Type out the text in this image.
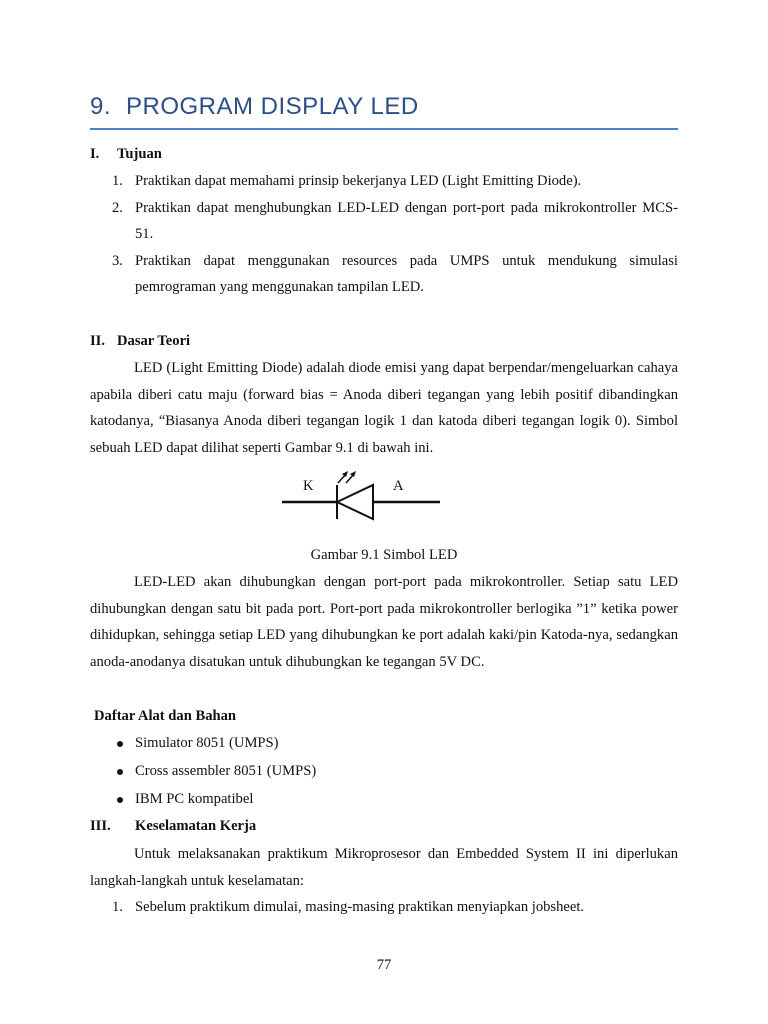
9. PROGRAM DISPLAY LED
I. Tujuan
1. Praktikan dapat memahami prinsip bekerjanya LED (Light Emitting Diode).
2. Praktikan dapat menghubungkan LED-LED dengan port-port pada mikrokontroller MCS-51.
3. Praktikan dapat menggunakan resources pada UMPS untuk mendukung simulasi pemrograman yang menggunakan tampilan LED.
II. Dasar Teori

LED (Light Emitting Diode) adalah diode emisi yang dapat berpendar/mengeluarkan cahaya apabila diberi catu maju (forward bias = Anoda diberi tegangan yang lebih positif dibandingkan katodanya, “Biasanya Anoda diberi tegangan logik 1 dan katoda diberi tegangan logik 0). Simbol sebuah LED dapat dilihat seperti Gambar 9.1 di bawah ini.

K	A
Gambar 9.1 Simbol LED

LED-LED akan dihubungkan dengan port-port pada mikrokontroller. Setiap satu LED dihubungkan dengan satu bit pada port. Port-port pada mikrokontroller berlogika ”1” ketika power dihidupkan, sehingga setiap LED yang dihubungkan ke port adalah kaki/pin Katoda-nya, sedangkan anoda-anodanya disatukan untuk dihubungkan ke tegangan 5V DC.

Daftar Alat dan Bahan
Simulator 8051 (UMPS)
Cross assembler 8051 (UMPS)
IBM PC kompatibel
III. Keselamatan Kerja

Untuk melaksanakan praktikum Mikroprosesor dan Embedded System II ini diperlukan langkah-langkah untuk keselamatan:

1. Sebelum praktikum dimulai, masing-masing praktikan menyiapkan jobsheet.
77
